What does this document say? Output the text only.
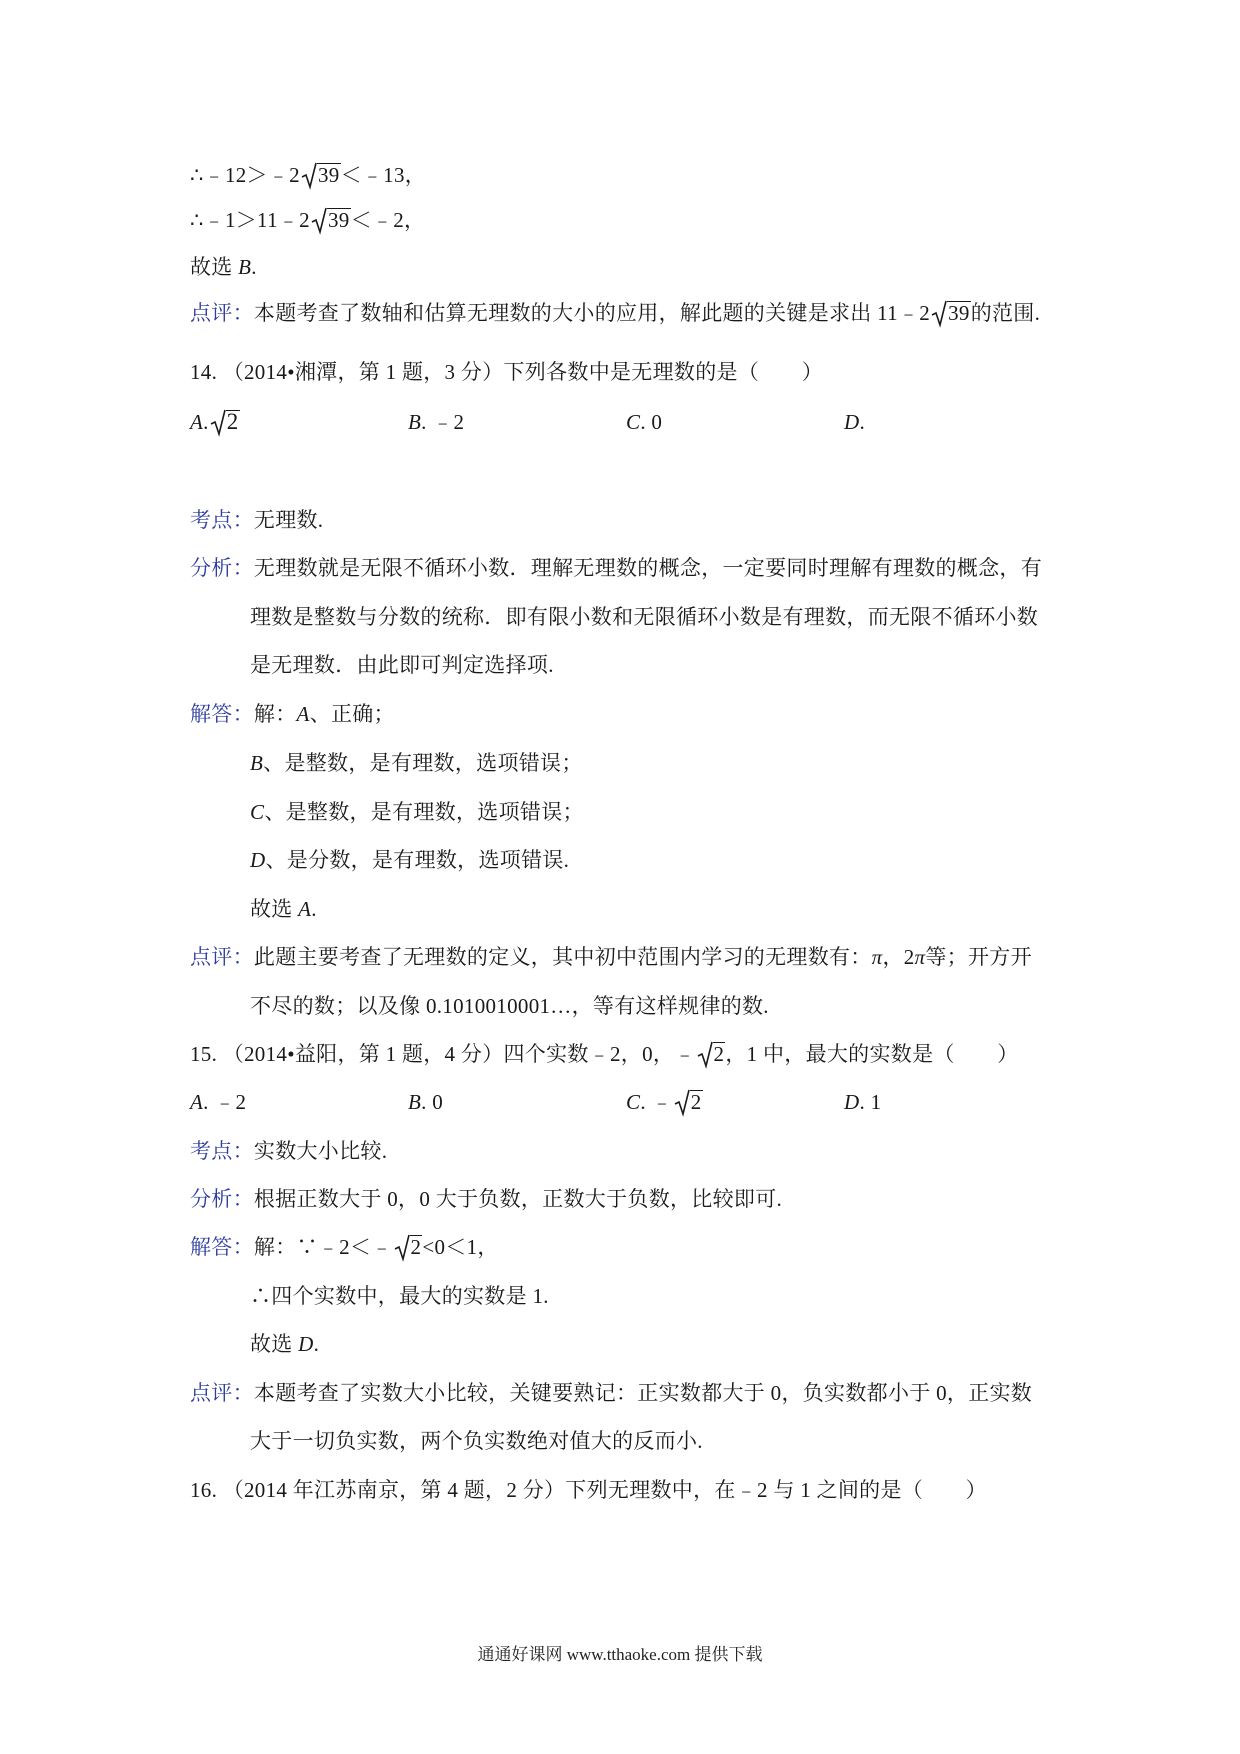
∴﹣12＞﹣2 39＜﹣13，
∴﹣1＞11﹣2 39＜﹣2，
故选 B.
点评：本题考查了数轴和估算无理数的大小的应用，解此题的关键是求出 11﹣2 39的范围.
14. （2014•湘潭，第 1 题，3 分）下列各数中是无理数的是（　　）
A. 2	B. ﹣2	C. 0	D.
考点：无理数.
分析：无理数就是无限不循环小数．理解无理数的概念，一定要同时理解有理数的概念，有
理数是整数与分数的统称．即有限小数和无限循环小数是有理数，而无限不循环小数
是无理数．由此即可判定选择项.
解答：解：A、正确；
B、是整数，是有理数，选项错误；
C、是整数，是有理数，选项错误；
D、是分数，是有理数，选项错误.
故选 A.
点评：此题主要考查了无理数的定义，其中初中范围内学习的无理数有：π，2π等；开方开
不尽的数；以及像 0.1010010001…，等有这样规律的数.
15. （2014•益阳，第 1 题，4 分）四个实数﹣2，0，﹣ 2，1 中，最大的实数是（　　）
A. ﹣2	B. 0	C. ﹣ 2	D. 1
考点：实数大小比较.
分析：根据正数大于 0，0 大于负数，正数大于负数，比较即可.
解答：解：∵﹣2＜﹣ 2<0＜1，
∴四个实数中，最大的实数是 1.
故选 D.
点评：本题考查了实数大小比较，关键要熟记：正实数都大于 0，负实数都小于 0，正实数
大于一切负实数，两个负实数绝对值大的反而小.
16. （2014 年江苏南京，第 4 题，2 分）下列无理数中，在﹣2 与 1 之间的是（　　）
通通好课网 www.tthaoke.com 提供下载
